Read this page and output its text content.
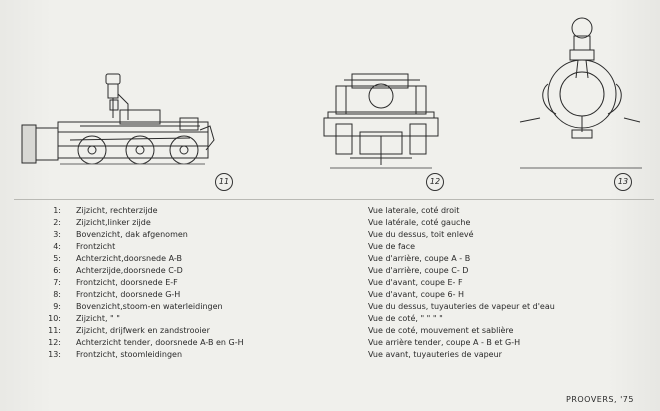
11	12	13
1: Zijzicht, rechterzijde	Vue laterale, coté droit
2: Zijzicht,linker zijde	Vue latérale, coté gauche
3: Bovenzicht, dak afgenomen	Vue du dessus, toit enlevé
4: Frontzicht	Vue de face
5: Achterzicht,doorsnede A-B	Vue d'arrière, coupe A - B
6: Achterzijde,doorsnede C-D	Vue d'arrière, coupe C- D
7: Frontzicht, doorsnede E-F	Vue d'avant, coupe E- F
8: Frontzicht, doorsnede G-H	Vue d'avant, coupe 6- H
9: Bovenzicht,stoom-en waterleidingen	Vue du dessus, tuyauteries de vapeur et d'eau
10: Zijzicht, " "	Vue de coté, " " " "
11: Zijzicht, drijfwerk en zandstrooier	Vue de coté, mouvement et sablière
12: Achterzicht tender, doorsnede A-B en G-H	Vue arrière tender, coupe A - B et G-H
13: Frontzicht, stoomleidingen	Vue avant, tuyauteries de vapeur
PROOVERS, '75
